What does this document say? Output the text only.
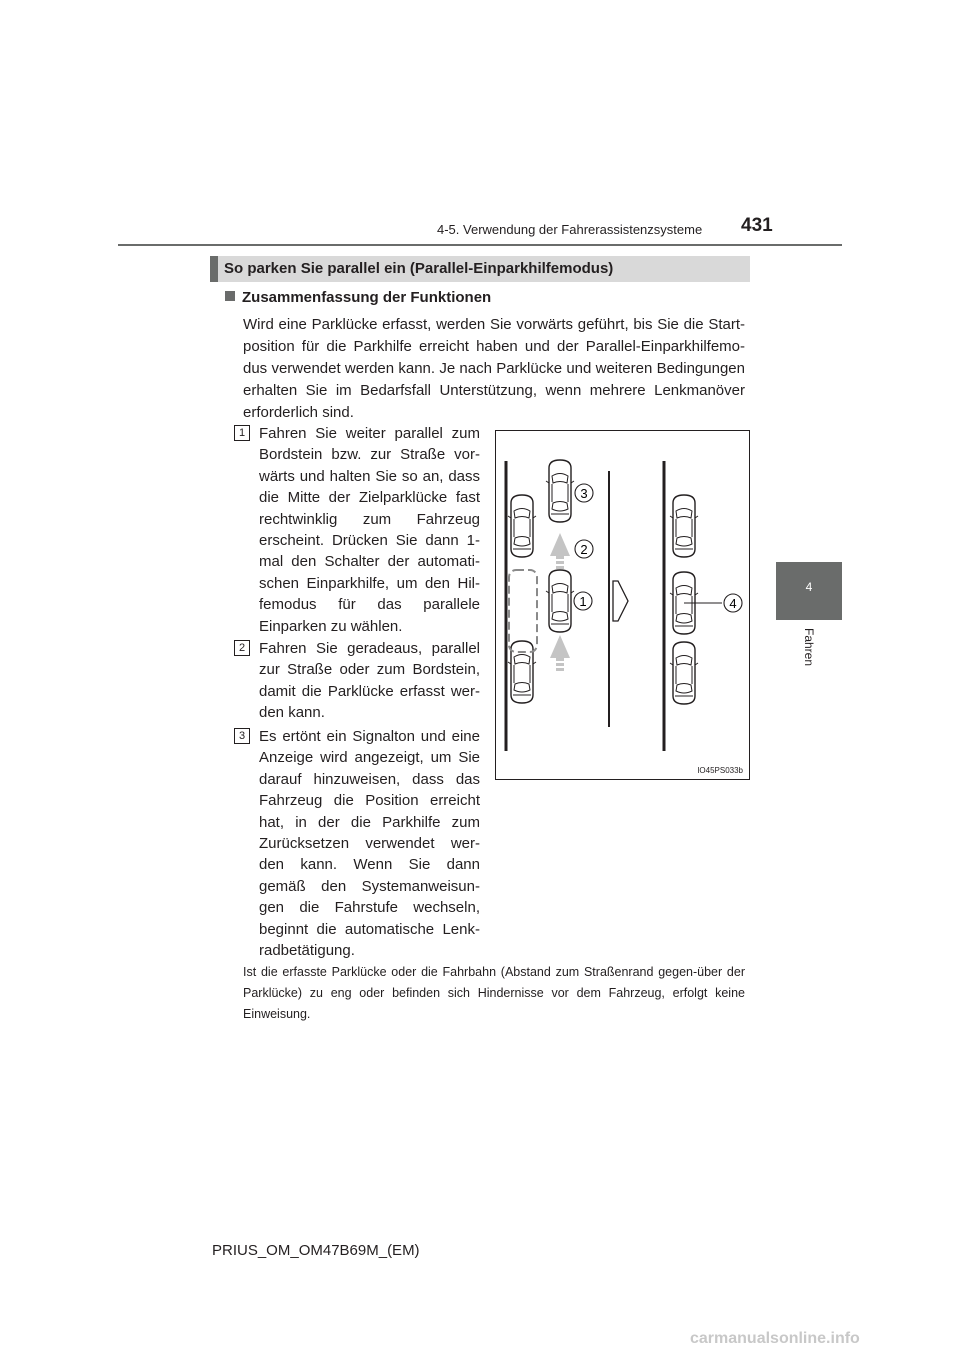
4-5. Verwendung der Fahrerassistenzsysteme 431
4
Fahren
So parken Sie parallel ein (Parallel-Einparkhilfemodus)
Zusammenfassung der Funktionen
Wird eine Parklücke erfasst, werden Sie vorwärts geführt, bis Sie die Start-position für die Parkhilfe erreicht haben und der Parallel-Einparkhilfemo-dus verwendet werden kann. Je nach Parklücke und weiteren Bedingungen erhalten Sie im Bedarfsfall Unterstützung, wenn mehrere Lenkmanöver erforderlich sind.
1 Fahren Sie weiter parallel zum Bordstein bzw. zur Straße vor-wärts und halten Sie so an, dass die Mitte der Zielparklücke fast rechtwinklig zum Fahrzeug erscheint. Drücken Sie dann 1-mal den Schalter der automati-schen Einparkhilfe, um den Hil-femodus für das parallele Einparken zu wählen.
2 Fahren Sie geradeaus, parallel zur Straße oder zum Bordstein, damit die Parklücke erfasst wer-den kann.
3 Es ertönt ein Signalton und eine Anzeige wird angezeigt, um Sie darauf hinzuweisen, dass das Fahrzeug die Position erreicht hat, in der die Parkhilfe zum Zurücksetzen verwendet wer-den kann. Wenn Sie dann gemäß den Systemanweisun-gen die Fahrstufe wechseln, beginnt die automatische Lenk-radbetätigung.
3
2
1	4
IO45PS033b
Ist die erfasste Parklücke oder die Fahrbahn (Abstand zum Straßenrand gegen-über der Parklücke) zu eng oder befinden sich Hindernisse vor dem Fahrzeug, erfolgt keine Einweisung.
PRIUS_OM_OM47B69M_(EM)
carmanualsonline.info
